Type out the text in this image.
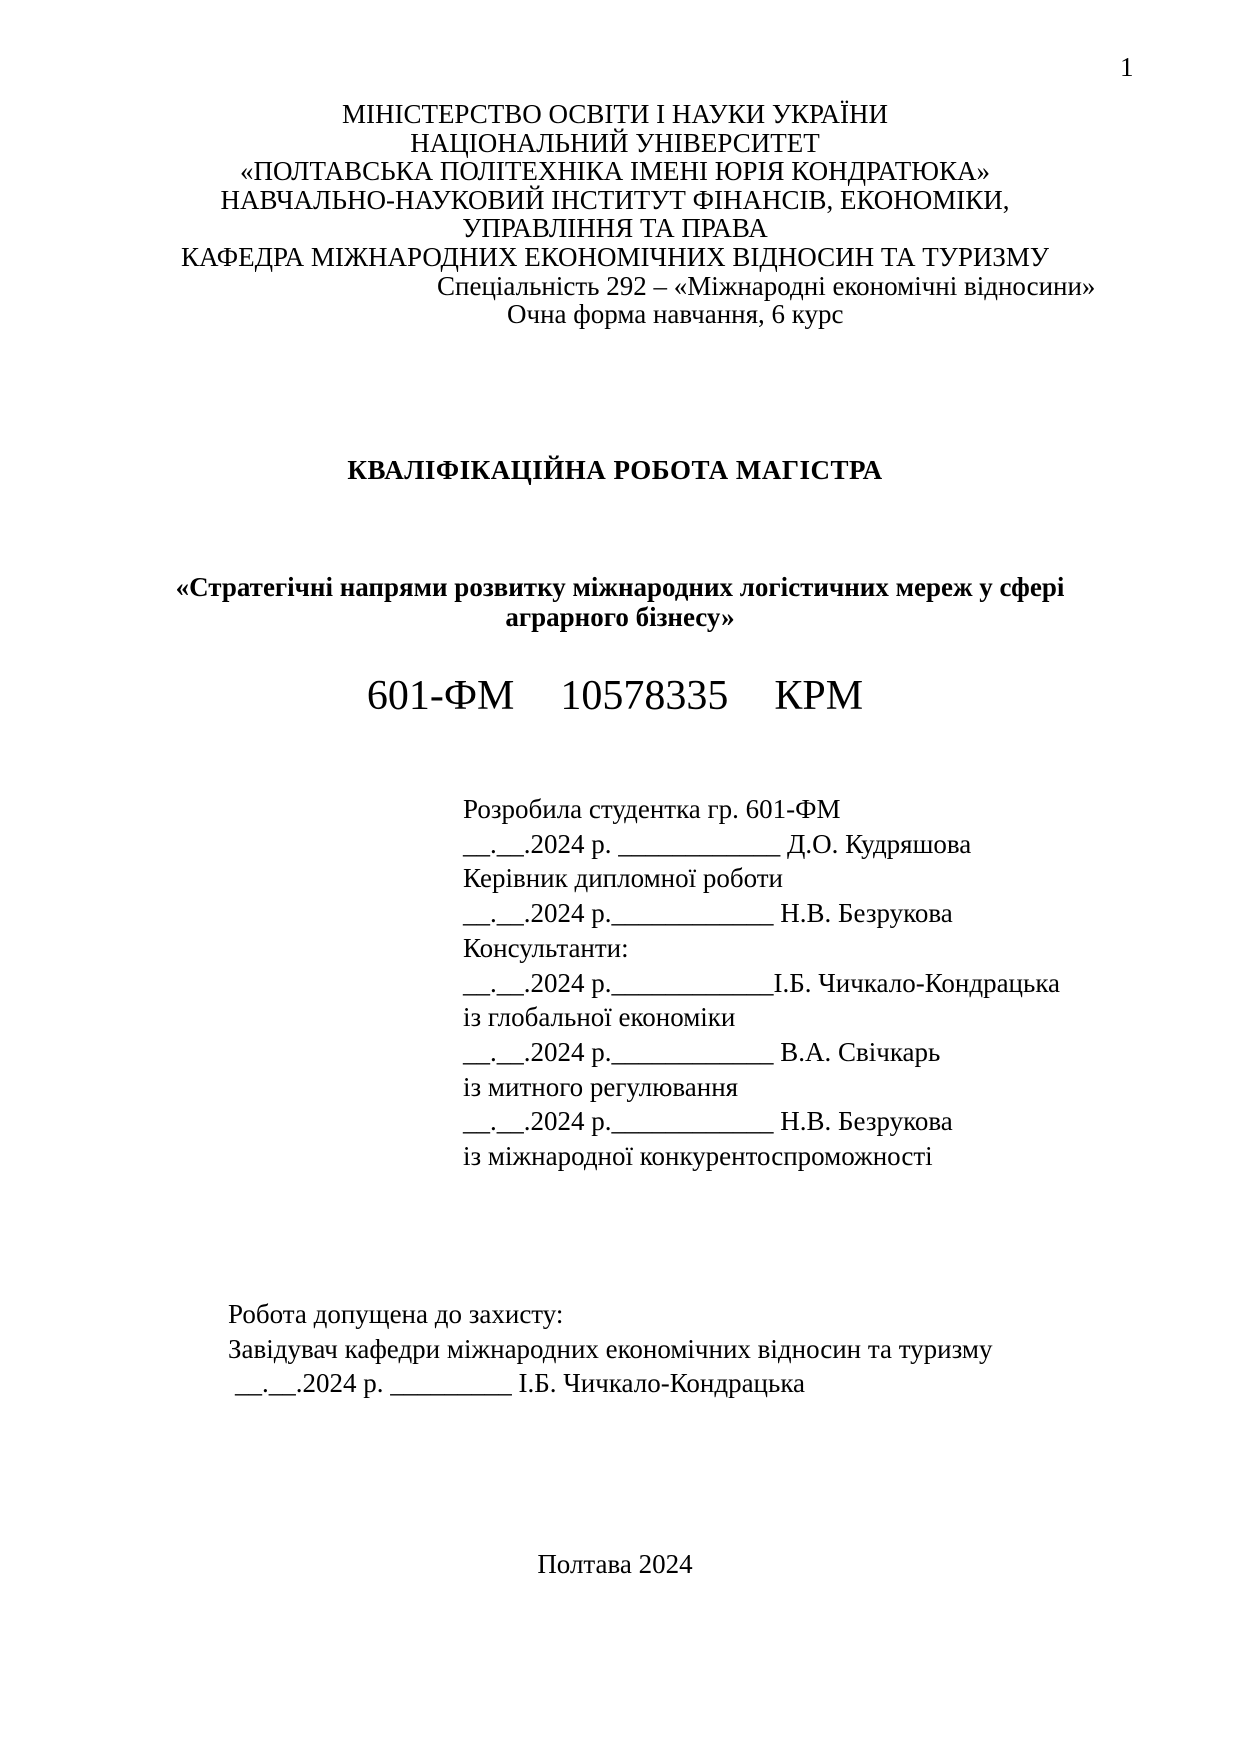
1
МІНІСТЕРСТВО ОСВІТИ І НАУКИ УКРАЇНИ
НАЦІОНАЛЬНИЙ УНІВЕРСИТЕТ
«ПОЛТАВСЬКА ПОЛІТЕХНІКА ІМЕНІ ЮРІЯ КОНДРАТЮКА»
НАВЧАЛЬНО-НАУКОВИЙ ІНСТИТУТ ФІНАНСІВ, ЕКОНОМІКИ,
УПРАВЛІННЯ ТА ПРАВА
КАФЕДРА МІЖНАРОДНИХ ЕКОНОМІЧНИХ ВІДНОСИН ТА ТУРИЗМУ
Спеціальність 292 – «Міжнародні економічні відносини»
Очна форма навчання, 6 курс
КВАЛІФІКАЦІЙНА РОБОТА МАГІСТРА
«Стратегічні напрями розвитку міжнародних логістичних мереж у сфері
аграрного бізнесу»
601-ФМ 10578335 КРМ
Розробила студентка гр. 601-ФМ
__.__.2024 р. ____________ Д.О. Кудряшова
Керівник дипломної роботи
__.__.2024 р.____________ Н.В. Безрукова
Консультанти:
__.__.2024 р.____________І.Б. Чичкало-Кондрацька
із глобальної економіки
__.__.2024 р.____________ В.А. Свічкарь
із митного регулювання
__.__.2024 р.____________ Н.В. Безрукова
із міжнародної конкурентоспроможності
Робота допущена до захисту:
Завідувач кафедри міжнародних економічних відносин та туризму
__.__.2024 р. _________ І.Б. Чичкало-Кондрацька
Полтава 2024
